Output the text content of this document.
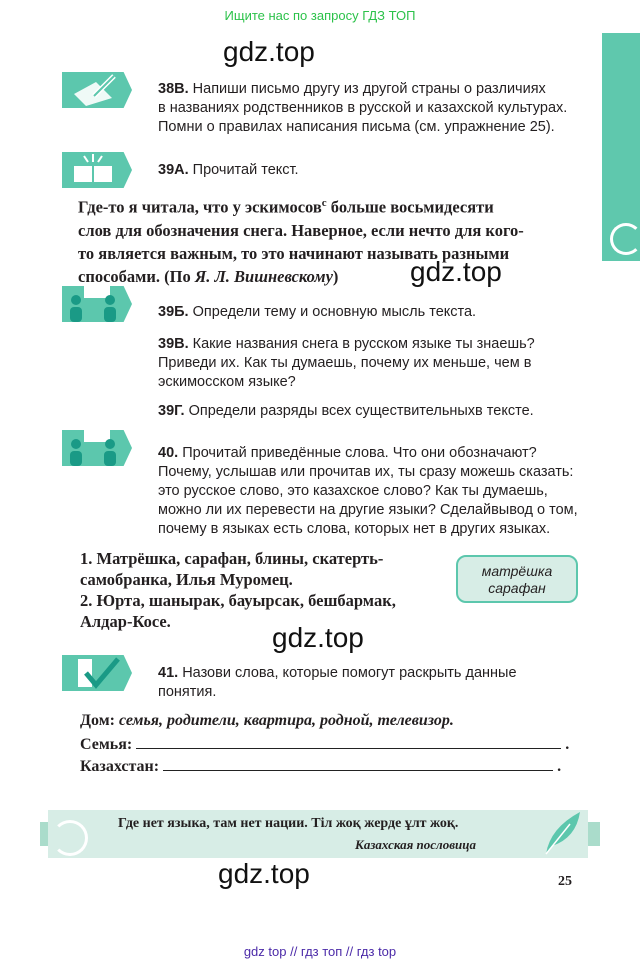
Ищите нас по запросу ГДЗ ТОП
gdz.top
38В. Напиши письмо другу из другой страны о различиях
в названиях родственников в русской и казахской культурах.
Помни о правилах написания письма (см. упражнение 25).
39А. Прочитай текст.
Где-то я читала, что у эскимосов$^с$ больше восьмидесяти
слов для обозначения снега. Наверное, если нечто для кого-
то является важным, то это начинают называть разными
способами. (По Я. Л. Вишневскому)	gdz.top
39Б. Определи тему и основную мысль текста.
39В. Какие названия снега в русском языке ты знаешь?
Приведи их. Как ты думаешь, почему их меньше, чем в
эскимосском языке?
39Г. Определи разряды всех существительныхв тексте.
40. Прочитай приведённые слова. Что они обозначают?
Почему, услышав или прочитав их, ты сразу можешь сказать:
это русское слово, это казахское слово? Как ты думаешь,
можно ли их перевести на другие языки? Сделайвывод о том,
почему в языках есть слова, которых нет в других языках.
1. Матрёшка, сарафан, блины, скатерть-
самобранка, Илья Муромец.
2. Юрта, шанырак, бауырсак, бешбармак,
Алдар-Косе.
матрёшка
сарафан
gdz.top
41. Назови слова, которые помогут раскрыть данные
понятия.
Дом: семья, родители, квартира, родной, телевизор.
Семья:	.
Казахстан:	.
Где нет языка, там нет нации. Тіл жоқ жерде ұлт жоқ.
Казахская пословица
gdz.top	25
gdz top // гдз топ // гдз top
